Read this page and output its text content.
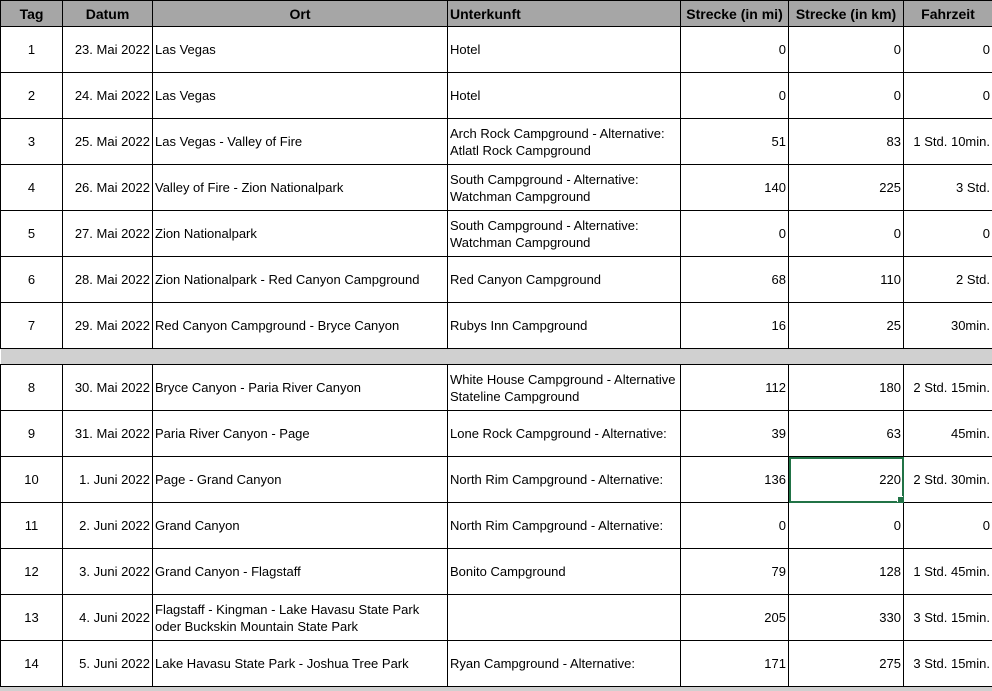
Tag	Datum	Ort	Unterkunft	Strecke (in mi)	Strecke (in km)	Fahrzeit
1	23. Mai 2022	Las Vegas	Hotel	0	0	0
2	24. Mai 2022	Las Vegas	Hotel	0	0	0
3	25. Mai 2022	Las Vegas - Valley of Fire	Arch Rock Campground - Alternative: Atlatl Rock Campground	51	83	1 Std. 10min.
4	26. Mai 2022	Valley of Fire - Zion Nationalpark	South Campground - Alternative: Watchman Campground	140	225	3 Std.
5	27. Mai 2022	Zion Nationalpark	South Campground - Alternative: Watchman Campground	0	0	0
6	28. Mai 2022	Zion Nationalpark - Red Canyon Campground	Red Canyon Campground	68	110	2 Std.
7	29. Mai 2022	Red Canyon Campground - Bryce Canyon	Rubys Inn Campground	16	25	30min.

8	30. Mai 2022	Bryce Canyon - Paria River Canyon	White House Campground - Alternative Stateline Campground	112	180	2 Std. 15min.
9	31. Mai 2022	Paria River Canyon - Page	Lone Rock Campground - Alternative:	39	63	45min.
10	1. Juni 2022	Page - Grand Canyon	North Rim Campground - Alternative:	136	220	2 Std. 30min.
11	2. Juni 2022	Grand Canyon	North Rim Campground - Alternative:	0	0	0
12	3. Juni 2022	Grand Canyon - Flagstaff	Bonito Campground	79	128	1 Std. 45min.
13	4. Juni 2022	Flagstaff - Kingman - Lake Havasu State Park oder Buckskin Mountain State Park		205	330	3 Std. 15min.
14	5. Juni 2022	Lake Havasu State Park - Joshua Tree Park	Ryan Campground - Alternative:	171	275	3 Std. 15min.
